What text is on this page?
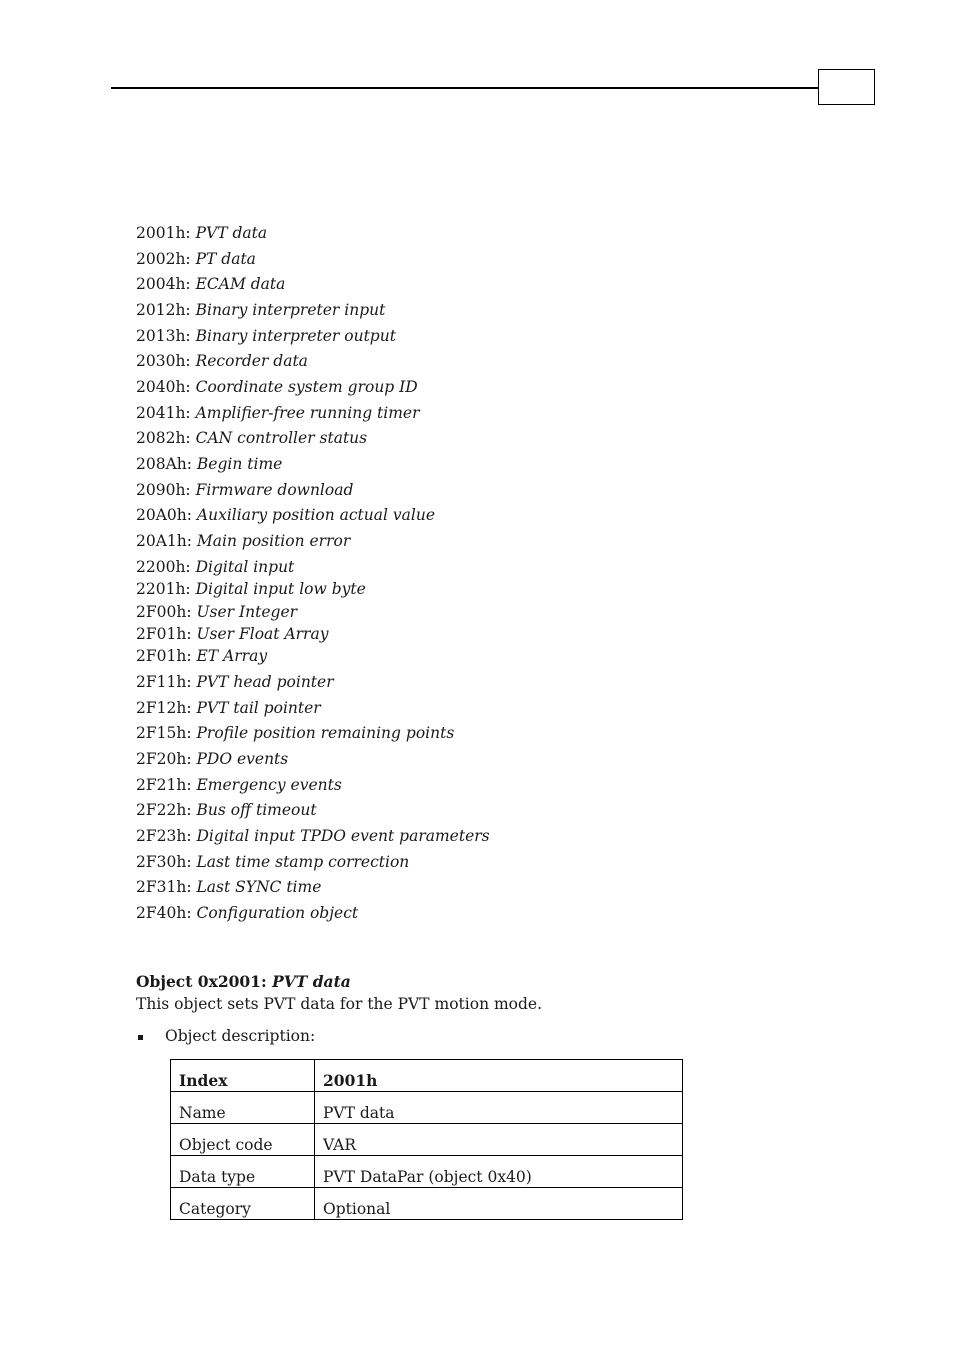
2001h: PVT data
2002h: PT data
2004h: ECAM data
2012h: Binary interpreter input
2013h: Binary interpreter output
2030h: Recorder data
2040h: Coordinate system group ID
2041h: Amplifier-free running timer
2082h: CAN controller status
208Ah: Begin time
2090h: Firmware download
20A0h: Auxiliary position actual value
20A1h: Main position error
2200h: Digital input
2201h: Digital input low byte
2F00h: User Integer
2F01h: User Float Array
2F01h: ET Array
2F11h: PVT head pointer
2F12h: PVT tail pointer
2F15h: Profile position remaining points
2F20h: PDO events
2F21h: Emergency events
2F22h: Bus off timeout
2F23h: Digital input TPDO event parameters
2F30h: Last time stamp correction
2F31h: Last SYNC time
2F40h: Configuration object
Object 0x2001: PVT data
This object sets PVT data for the PVT motion mode.
Object description:
Index	2001h
Name	PVT data
Object code	VAR
Data type	PVT DataPar (object 0x40)
Category	Optional
